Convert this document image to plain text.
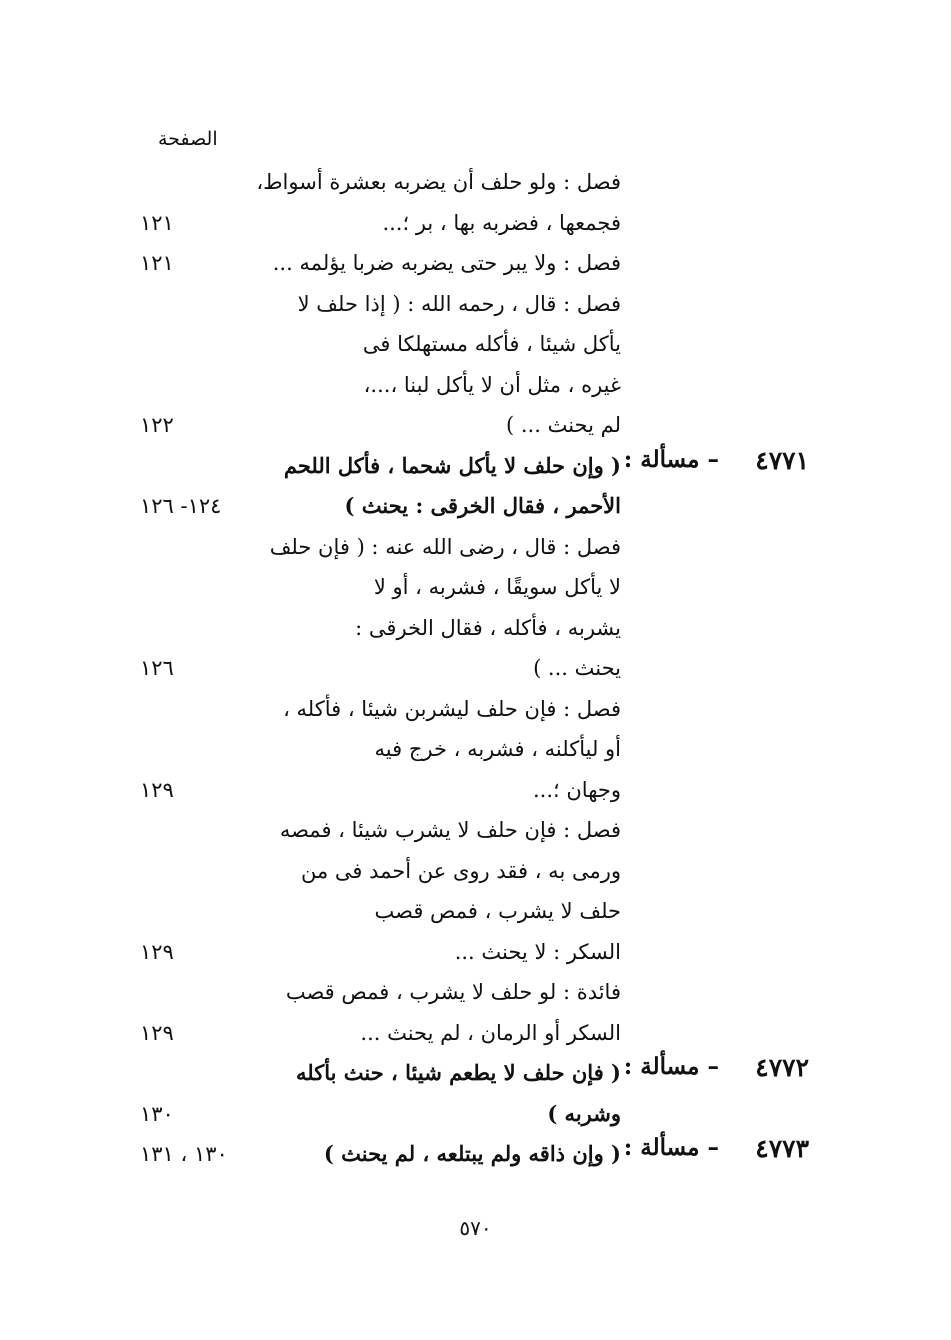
الصفحة
فصل : ولو حلف أن يضربه بعشرة أسواط،
فجمعها ، فضربه بها ، بر ؛...
١٢١
فصل : ولا يبر حتى يضربه ضربا يؤلمه ...
١٢١
فصل : قال ، رحمه الله : ( إذا حلف لا
يأكل شيئا ، فأكله مستهلكا فى
غيره ، مثل أن لا يأكل لبنا ،...،
لم يحنث ... )
١٢٢
٤٧٧١
– مسألة :
( وإن حلف لا يأكل شحما ، فأكل اللحم
الأحمر ، فقال الخرقى : يحنث )
١٢٤- ١٢٦
فصل : قال ، رضى الله عنه : ( فإن حلف
لا يأكل سويقًا ، فشربه ، أو لا
يشربه ، فأكله ، فقال الخرقى :
يحنث ... )
١٢٦
فصل : فإن حلف ليشربن شيئا ، فأكله ،
أو ليأكلنه ، فشربه ، خرج فيه
وجهان ؛...
١٢٩
فصل : فإن حلف لا يشرب شيئا ، فمصه
ورمى به ، فقد روى عن أحمد فى من
حلف لا يشرب ، فمص قصب
السكر : لا يحنث ...
١٢٩
فائدة : لو حلف لا يشرب ، فمص قصب
السكر أو الرمان ، لم يحنث ...
١٢٩
٤٧٧٢
– مسألة :
( فإن حلف لا يطعم شيئا ، حنث بأكله
وشربه )
١٣٠
٤٧٧٣
– مسألة :
( وإن ذاقه ولم يبتلعه ، لم يحنث )
١٣٠ ، ١٣١
٥٧٠
